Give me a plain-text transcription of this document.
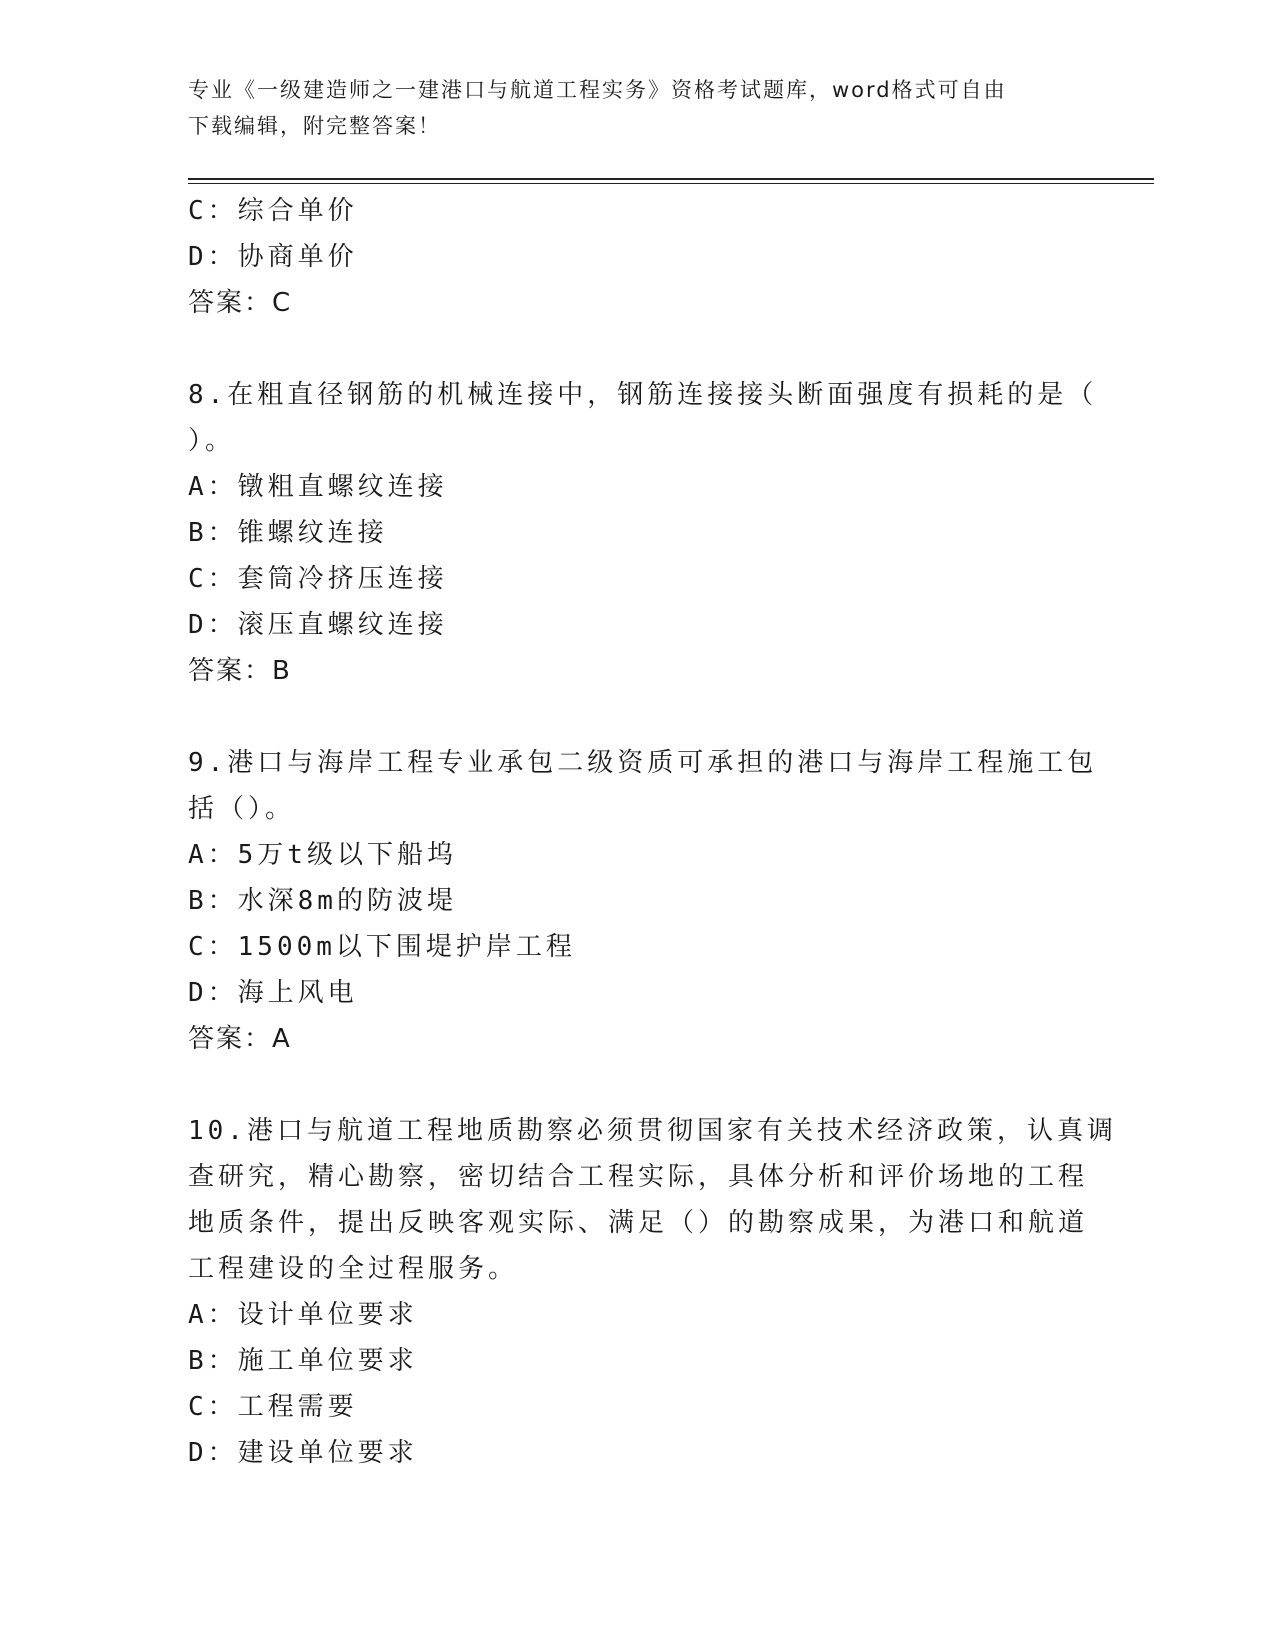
专业《一级建造师之一建港口与航道工程实务》资格考试题库，word格式可自由
下载编辑，附完整答案！
C：综合单价
D：协商单价
答案：C
8.在粗直径钢筋的机械连接中，钢筋连接接头断面强度有损耗的是（
）。
A：镦粗直螺纹连接
B：锥螺纹连接
C：套筒冷挤压连接
D：滚压直螺纹连接
答案：B
9.港口与海岸工程专业承包二级资质可承担的港口与海岸工程施工包
括（）。
A：5万t级以下船坞
B：水深8m的防波堤
C：1500m以下围堤护岸工程
D：海上风电
答案：A
10.港口与航道工程地质勘察必须贯彻国家有关技术经济政策，认真调
查研究，精心勘察，密切结合工程实际，具体分析和评价场地的工程
地质条件，提出反映客观实际、满足（）的勘察成果，为港口和航道
工程建设的全过程服务。
A：设计单位要求
B：施工单位要求
C：工程需要
D：建设单位要求
